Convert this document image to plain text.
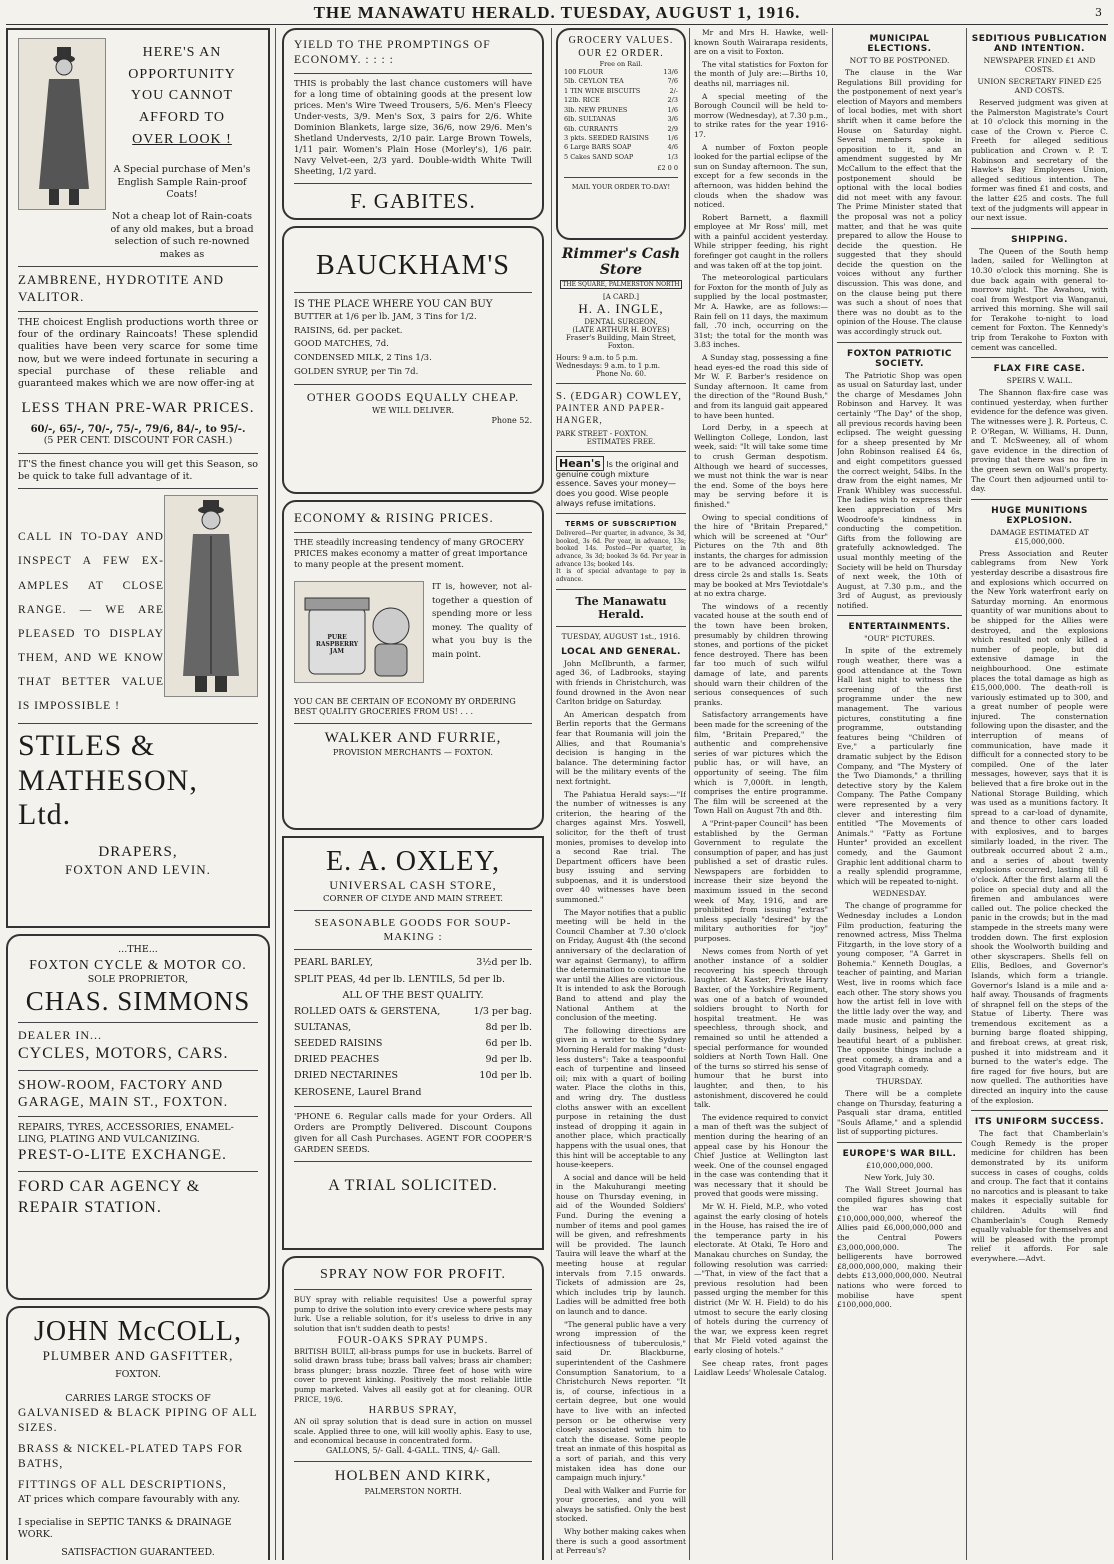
THE MANAWATU HERALD. TUESDAY, AUGUST 1, 1916.	3
HERE'S AN
OPPORTUNITY
YOU CANNOT
AFFORD TO
OVER LOOK !
A Special purchase of Men's English Sample Rain-proof Coats!
Not a cheap lot of Rain-coats of any old makes, but a broad selection of such re-nowned makes as
ZAMBRENE, HYDROTITE AND VALITOR.
THE choicest English productions worth three or four of the ordinary Raincoats! These splendid qualities have been very scarce for some time now, but we were indeed fortunate in securing a special purchase of these reliable and guaranteed makes which we are now offer-ing at
LESS THAN PRE-WAR PRICES.
60/-, 65/-, 70/-, 75/-, 79/6, 84/-, to 95/-.
(5 PER CENT. DISCOUNT FOR CASH.)
IT'S the finest chance you will get this Season, so be quick to take full advantage of it.
CALL IN TO-DAY AND INSPECT A FEW EX-AMPLES AT CLOSE RANGE. — WE ARE PLEASED TO DISPLAY THEM, AND WE KNOW THAT BETTER VALUE IS IMPOSSIBLE !
STILES &
MATHESON, Ltd.
DRAPERS,
FOXTON AND LEVIN.
...THE...
FOXTON CYCLE & MOTOR CO.
SOLE PROPRIETOR,
CHAS. SIMMONS
DEALER IN...
CYCLES, MOTORS, CARS.
SHOW-ROOM, FACTORY AND GARAGE, MAIN ST., FOXTON.
REPAIRS, TYRES, ACCESSORIES, ENAMEL-LING, PLATING AND VULCANIZING.
PREST-O-LITE EXCHANGE.
FORD CAR AGENCY & REPAIR STATION.
JOHN McCOLL,
PLUMBER AND GASFITTER,
FOXTON.
CARRIES LARGE STOCKS OF
GALVANISED & BLACK PIPING OF ALL SIZES.
BRASS & NICKEL-PLATED TAPS FOR BATHS,
FITTINGS OF ALL DESCRIPTIONS,
AT prices which compare favourably with any.
I specialise in SEPTIC TANKS & DRAINAGE WORK.
SATISFACTION GUARANTEED.
YIELD TO THE PROMPTINGS OF ECONOMY. : : : :
THIS is probably the last chance customers will have for a long time of obtaining goods at the present low prices. Men's Wire Tweed Trousers, 5/6. Men's Fleecy Under-vests, 3/9. Men's Sox, 3 pairs for 2/6. White Dominion Blankets, large size, 36/6, now 29/6. Men's Shetland Undervests, 2/10 pair. Large Brown Towels, 1/11 pair. Women's Plain Hose (Morley's), 1/6 pair. Navy Velvet-een, 2/3 yard. Double-width White Twill Sheeting, 1/2 yard.
F. GABITES.
BAUCKHAM'S
IS THE PLACE WHERE YOU CAN BUY
BUTTER at 1/6 per lb. JAM, 3 Tins for 1/2.
RAISINS, 6d. per packet.
GOOD MATCHES, 7d.
CONDENSED MILK, 2 Tins 1/3.
GOLDEN SYRUP, per Tin 7d.
OTHER GOODS EQUALLY CHEAP.
WE WILL DELIVER.
Phone 52.
ECONOMY & RISING PRICES.
THE steadily increasing tendency of many GROCERY PRICES makes economy a matter of great importance to many people at the present moment.
PURE RASPBERRY JAM
IT is, however, not al-together a question of spending more or less money. The quality of what you buy is the main point.
YOU CAN BE CERTAIN OF ECONOMY BY ORDERING BEST QUALITY GROCERIES FROM US! . . .
WALKER AND FURRIE,
PROVISION MERCHANTS — FOXTON.
E. A. OXLEY,
UNIVERSAL CASH STORE,
CORNER OF CLYDE AND MAIN STREET.
SEASONABLE GOODS FOR SOUP-MAKING :
PEARL BARLEY,	3½d per lb.
SPLIT PEAS, 4d per lb. LENTILS, 5d per lb.
ALL OF THE BEST QUALITY.
ROLLED OATS & GERSTENA,	1/3 per bag.
SULTANAS,	8d per lb.
SEEDED RAISINS	6d per lb.
DRIED PEACHES	9d per lb.
DRIED NECTARINES	10d per lb.
KEROSENE, Laurel Brand
'PHONE 6. Regular calls made for your Orders. All Orders are Promptly Delivered. Discount Coupons given for all Cash Purchases. AGENT FOR COOPER'S GARDEN SEEDS.
A TRIAL SOLICITED.
SPRAY NOW FOR PROFIT.
BUY spray with reliable requisites! Use a powerful spray pump to drive the solution into every crevice where pests may lurk. Use a reliable solution, for it's useless to drive in any solution that isn't sudden death to pests!
FOUR-OAKS SPRAY PUMPS.
BRITISH BUILT, all-brass pumps for use in buckets. Barrel of solid drawn brass tube; brass ball valves; brass air chamber; brass plunger; brass nozzle. Three feet of hose with wire cover to prevent kinking. Positively the most reliable little pump marketed. Valves all easily got at for cleaning. OUR PRICE, 19/6.
HARBUS SPRAY,
AN oil spray solution that is dead sure in action on mussel scale. Applied three to one, will kill woolly aphis. Easy to use, and economical because in concentrated form.
GALLONS, 5/- Gall. 4-GALL. TINS, 4/- Gall.
HOLBEN AND KIRK,
PALMERSTON NORTH.
GROCERY VALUES.
OUR £2 ORDER.
Free on Rail.
100 FLOUR	13/6
5lb. CEYLON TEA	7/6
1 TIN WINE BISCUITS	2/-
12lb. RICE	2/3
3lb. NEW PRUNES	1/6
6lb. SULTANAS	3/6
6lb. CURRANTS	2/9
3 pkts. SEEDED RAISINS	1/6
6 Large BARS SOAP	4/6
5 Cakes SAND SOAP	1/3
£2 0 0
MAIL YOUR ORDER TO-DAY!
Rimmer's Cash Store
THE SQUARE, PALMERSTON NORTH
[A CARD.]
H. A. INGLE,
DENTAL SURGEON,
(LATE ARTHUR H. BOYES)
Fraser's Building, Main Street,
Foxton.
Hours: 9 a.m. to 5 p.m. Wednesdays: 9 a.m. to 1 p.m.
Phone No. 60.
S. (EDGAR) COWLEY,
PAINTER AND PAPER-HANGER,
PARK STREET - FOXTON.
ESTIMATES FREE.
Hean's Is the original and genuine cough mixture essence. Saves your money—does you good. Wise people always refuse imitations.
TERMS OF SUBSCRIPTION
Delivered—Per quarter, in advance, 3s 3d, booked, 3s 6d. Per year, in advance, 13s; booked 14s. Posted—Per quarter, in advance, 3s 3d; booked 3s 6d. Per year in advance 13s; booked 14s.
It is of special advantage to pay in advance.
The Manawatu Herald.
TUESDAY, AUGUST 1st., 1916.
LOCAL AND GENERAL.

John McIlbrunth, a farmer, aged 36, of Ladbrooks, staying with friends in Christchurch, was found drowned in the Avon near Carlton bridge on Saturday.

An American despatch from Berlin reports that the Germans fear that Roumania will join the Allies, and that Roumania's decision is hanging in the balance. The determining factor will be the military events of the next fortnight.

The Pahiatua Herald says:—"If the number of witnesses is any criterion, the hearing of the charges against Mrs. Yoswell, solicitor, for the theft of trust monies, promises to develop into a second Rae trial. The Department officers have been busy issuing and serving subpoenas, and it is understood over 40 witnesses have been summoned."

The Mayor notifies that a public meeting will be held in the Council Chamber at 7.30 o'clock on Friday, August 4th (the second anniversary of the declaration of war against Germany), to affirm the determination to continue the war until the Allies are victorious. It is intended to ask the Borough Band to attend and play the National Anthem at the conclusion of the meeting.

The following directions are given in a writer to the Sydney Morning Herald for making "dust-less dusters": Take a teaspoonful each of turpentine and linseed oil; mix with a quart of boiling water. Place the cloths in this, and wring dry. The dustless cloths answer with an excellent purpose in retaining the dust instead of dropping it again in another place, which practically happens with the usual ones, that this hint will be acceptable to any house-keepers.

A social and dance will be held in the Makuhurangi meeting house on Thursday evening, in aid of the Wounded Soldiers' Fund. During the evening a number of items and pool games will be given, and refreshments will be provided. The launch Tauira will leave the wharf at the meeting house at regular intervals from 7.15 onwards. Tickets of admission are 2s, which includes trip by launch. Ladies will be admitted free both on launch and to dance.

"The general public have a very wrong impression of the infectiousness of tuberculosis," said Dr. Blackburne, superintendent of the Cashmere Consumption Sanatorium, to a Christchurch News reporter. "It is, of course, infectious in a certain degree, but one would have to live with an infected person or be otherwise very closely associated with him to catch the disease. Some people treat an inmate of this hospital as a sort of pariah, and this very mistaken idea has done our campaign much injury."

Deal with Walker and Furrie for your groceries, and you will always be satisfied. Only the best stocked.

Why bother making cakes when there is such a good assortment at Perreau's?

Mr and Mrs H. Hawke, well-known South Wairarapa residents, are on a visit to Foxton.

The vital statistics for Foxton for the month of July are:—Births 10, deaths nil, marriages nil.

A special meeting of the Borough Council will be held to-morrow (Wednesday), at 7.30 p.m., to strike rates for the year 1916-17.

A number of Foxton people looked for the partial eclipse of the sun on Sunday afternoon. The sun, except for a few seconds in the afternoon, was hidden behind the clouds when the shadow was noticed.

Robert Barnett, a flaxmill employee at Mr Ross' mill, met with a painful accident yesterday. While stripper feeding, his right forefinger got caught in the rollers and was taken off at the top joint.

The meteorological particulars for Foxton for the month of July as supplied by the local postmaster, Mr A. Hawke, are as follows:—Rain fell on 11 days, the maximum fall, .70 inch, occurring on the 31st; the total for the month was 3.83 inches.

A Sunday stag, possessing a fine head eyes-ed the road this side of Mr W. F. Barber's residence on Sunday afternoon. It came from the direction of the "Round Bush," and from its languid gait appeared to have been hunted.

Lord Derby, in a speech at Wellington College, London, last week, said: "It will take some time to crush German despotism. Although we heard of successes, we must not think the war is near the end. Some of the boys here may be serving before it is finished."

Owing to special conditions of the hire of "Britain Prepared," which will be screened at "Our" Pictures on the 7th and 8th instants, the charges for admission are to be advanced accordingly; dress circle 2s and stalls 1s. Seats may be booked at Mrs Teviotdale's at no extra charge.

The windows of a recently vacated house at the south end of the town have been broken, presumably by children throwing stones, and portions of the picket fence destroyed. There has been far too much of such wilful damage of late, and parents should warn their children of the serious consequences of such pranks.

Satisfactory arrangements have been made for the screening of the film, "Britain Prepared," the authentic and comprehensive series of war pictures which the public has, or will have, an opportunity of seeing. The film which is 7,000ft. in length, comprises the entire programme. The film will be screened at the Town Hall on August 7th and 8th.

A "Print-paper Council" has been established by the German Government to regulate the consumption of paper, and has just published a set of drastic rules. Newspapers are forbidden to increase their size beyond the maximum issued in the second week of May, 1916, and are prohibited from issuing "extras" unless specially "desired" by the military authorities for "joy" purposes.

News comes from North of yet another instance of a soldier recovering his speech through laughter. At Kaster, Private Harry Baxter, of the Yorkshire Regiment, was one of a batch of wounded soldiers brought to North for hospital treatment. He was speechless, through shock, and remained so until he attended a special performance for wounded soldiers at North Town Hall. One of the turns so stirred his sense of humour that he burst into laughter, and then, to his astonishment, discovered he could talk.

The evidence required to convict a man of theft was the subject of mention during the hearing of an appeal case by his Honour the Chief Justice at Wellington last week. One of the counsel engaged in the case was contending that it was necessary that it should be proved that goods were missing.

Mr W. H. Field, M.P., who voted against the early closing of hotels in the House, has raised the ire of the temperance party in his electorate. At Otaki, Te Horo and Manakau churches on Sunday, the following resolution was carried:—"That, in view of the fact that a previous resolution had been passed urging the member for this district (Mr W. H. Field) to do his utmost to secure the early closing of hotels during the currency of the war, we express keen regret that Mr Field voted against the early closing of hotels."

See cheap rates, front pages Laidlaw Leeds' Wholesale Catalog.

MUNICIPAL ELECTIONS.
NOT TO BE POSTPONED.

The clause in the War Regulations Bill providing for the postponement of next year's election of Mayors and members of local bodies, met with short shrift when it came before the House on Saturday night. Several members spoke in opposition to it, and an amendment suggested by Mr McCallum to the effect that the postponement should be optional with the local bodies did not meet with any favour. The Prime Minister stated that the proposal was not a policy matter, and that he was quite prepared to allow the House to decide the question. He suggested that they should decide the question on the voices without any further discussion. This was done, and on the clause being put there was such a shout of noes that there was no doubt as to the opinion of the House. The clause was accordingly struck out.

FOXTON PATRIOTIC SOCIETY.

The Patriotic Shop was open as usual on Saturday last, under the charge of Mesdames John Robinson and Harvey. It was certainly "The Day" of the shop, all previous records having been eclipsed. The weight guessing for a sheep presented by Mr John Robinson realised £4 6s, and eight competitors guessed the correct weight, 54lbs. In the draw from the eight names, Mr Frank Whibley was successful. The ladies wish to express their keen appreciation of Mrs Woodroofe's kindness in conducting the competition. Gifts from the following are gratefully acknowledged. The usual monthly meeting of the Society will be held on Thursday of next week, the 10th of August, at 7.30 p.m., and the 3rd of August, as previously notified.

ENTERTAINMENTS.
"OUR" PICTURES.

In spite of the extremely rough weather, there was a good attendance at the Town Hall last night to witness the screening of the first programme under the new management. The various pictures, constituting a fine programme, outstanding features being "Children of Eve," a particularly fine dramatic subject by the Edison Company, and "The Mystery of the Two Diamonds," a thrilling detective story by the Kalem Company. The Pathe Company were represented by a very clever and interesting film entitled "The Movements of Animals." "Fatty as Fortune Hunter" provided an excellent comedy, and the Gaumont Graphic lent additional charm to a really splendid programme, which will be repeated to-night.

WEDNESDAY.

The change of programme for Wednesday includes a London Film production, featuring the renowned actress, Miss Thelma Fitzgarth, in the love story of a young composer, "A Garret in Bohemia." Kenneth Douglas, a teacher of painting, and Marian West, live in rooms which face each other. The story shows you how the artist fell in love with the little lady over the way, and made music and painting the daily business, helped by a beautiful heart of a publisher. The opposite things include a great comedy, a drama and a good Vitagraph comedy.

THURSDAY.

There will be a complete change on Thursday, featuring a Pasquali star drama, entitled "Souls Aflame," and a splendid list of supporting pictures.

EUROPE'S WAR BILL.
£10,000,000,000.
New York, July 30.

The Wall Street Journal has compiled figures showing that the war has cost £10,000,000,000, whereof the Allies paid £6,000,000,000 and the Central Powers £3,000,000,000. The belligerents have borrowed £8,000,000,000, making their debts £13,000,000,000. Neutral nations who were forced to mobilise have spent £100,000,000.

SEDITIOUS PUBLICATION AND INTENTION.
NEWSPAPER FINED £1 AND COSTS.
UNION SECRETARY FINED £25 AND COSTS.

Reserved judgment was given at the Palmerston Magistrate's Court at 10 o'clock this morning in the case of the Crown v. Pierce C. Freeth for alleged seditious publication and Crown v. P. T. Robinson and secretary of the Hawke's Bay Employees Union, alleged seditious intention. The former was fined £1 and costs, and the latter £25 and costs. The full text of the judgments will appear in our next issue.

SHIPPING.

The Queen of the South hemp laden, sailed for Wellington at 10.30 o'clock this morning. She is due back again with general to-morrow night. The Awahou, with coal from Westport via Wanganui, arrived this morning. She will sail for Terakohe to-night to load cement for Foxton. The Kennedy's trip from Terakohe to Foxton with cement was cancelled.

FLAX FIRE CASE.
SPEIRS V. WALL.

The Shannon flax-fire case was continued yesterday, when further evidence for the defence was given. The witnesses were J. R. Porteus, C. P. O'Regan, W. Williams, H. Dunn, and T. McSweeney, all of whom gave evidence in the direction of proving that there was no fire in the green sewn on Wall's property. The Court then adjourned until to-day.

HUGE MUNITIONS EXPLOSION.
DAMAGE ESTIMATED AT £15,000,000.

Press Association and Reuter cablegrams from New York yesterday describe a disastrous fire and explosions which occurred on the New York waterfront early on Saturday morning. An enormous quantity of war munitions about to be shipped for the Allies were destroyed, and the explosions which resulted not only killed a number of people, but did extensive damage in the neighbourhood. One estimate places the total damage as high as £15,000,000. The death-roll is variously estimated up to 300, and a great number of people were injured. The consternation following upon the disaster, and the interruption of means of communication, have made it difficult for a connected story to be compiled. One of the later messages, however, says that it is believed that a fire broke out in the National Storage Building, which was used as a munitions factory. It spread to a car-load of dynamite, and thence to other cars loaded with explosives, and to barges similarly loaded, in the river. The outbreak occurred about 2 a.m., and a series of about twenty explosions occurred, lasting till 6 o'clock. After the first alarm all the police on special duty and all the firemen and ambulances were called out. The police checked the panic in the crowds; but in the mad stampede in the streets many were trodden down. The first explosion shook the Woolworth building and other skyscrapers. Shells fell on Ellis, Bedloes, and Governor's Islands, which form a triangle. Governor's Island is a mile and a-half away. Thousands of fragments of shrapnel fell on the steps of the Statue of Liberty. There was tremendous excitement as a burning barge floated shipping, and fireboat crews, at great risk, pushed it into midstream and it burned to the water's edge. The fire raged for five hours, but are now quelled. The authorities have directed an inquiry into the cause of the explosion.

ITS UNIFORM SUCCESS.

The fact that Chamberlain's Cough Remedy is the proper medicine for children has been demonstrated by its uniform success in cases of coughs, colds and croup. The fact that it contains no narcotics and is pleasant to take makes it especially suitable for children. Adults will find Chamberlain's Cough Remedy equally valuable for themselves and will be pleased with the prompt relief it affords. For sale everywhere.—Advt.
